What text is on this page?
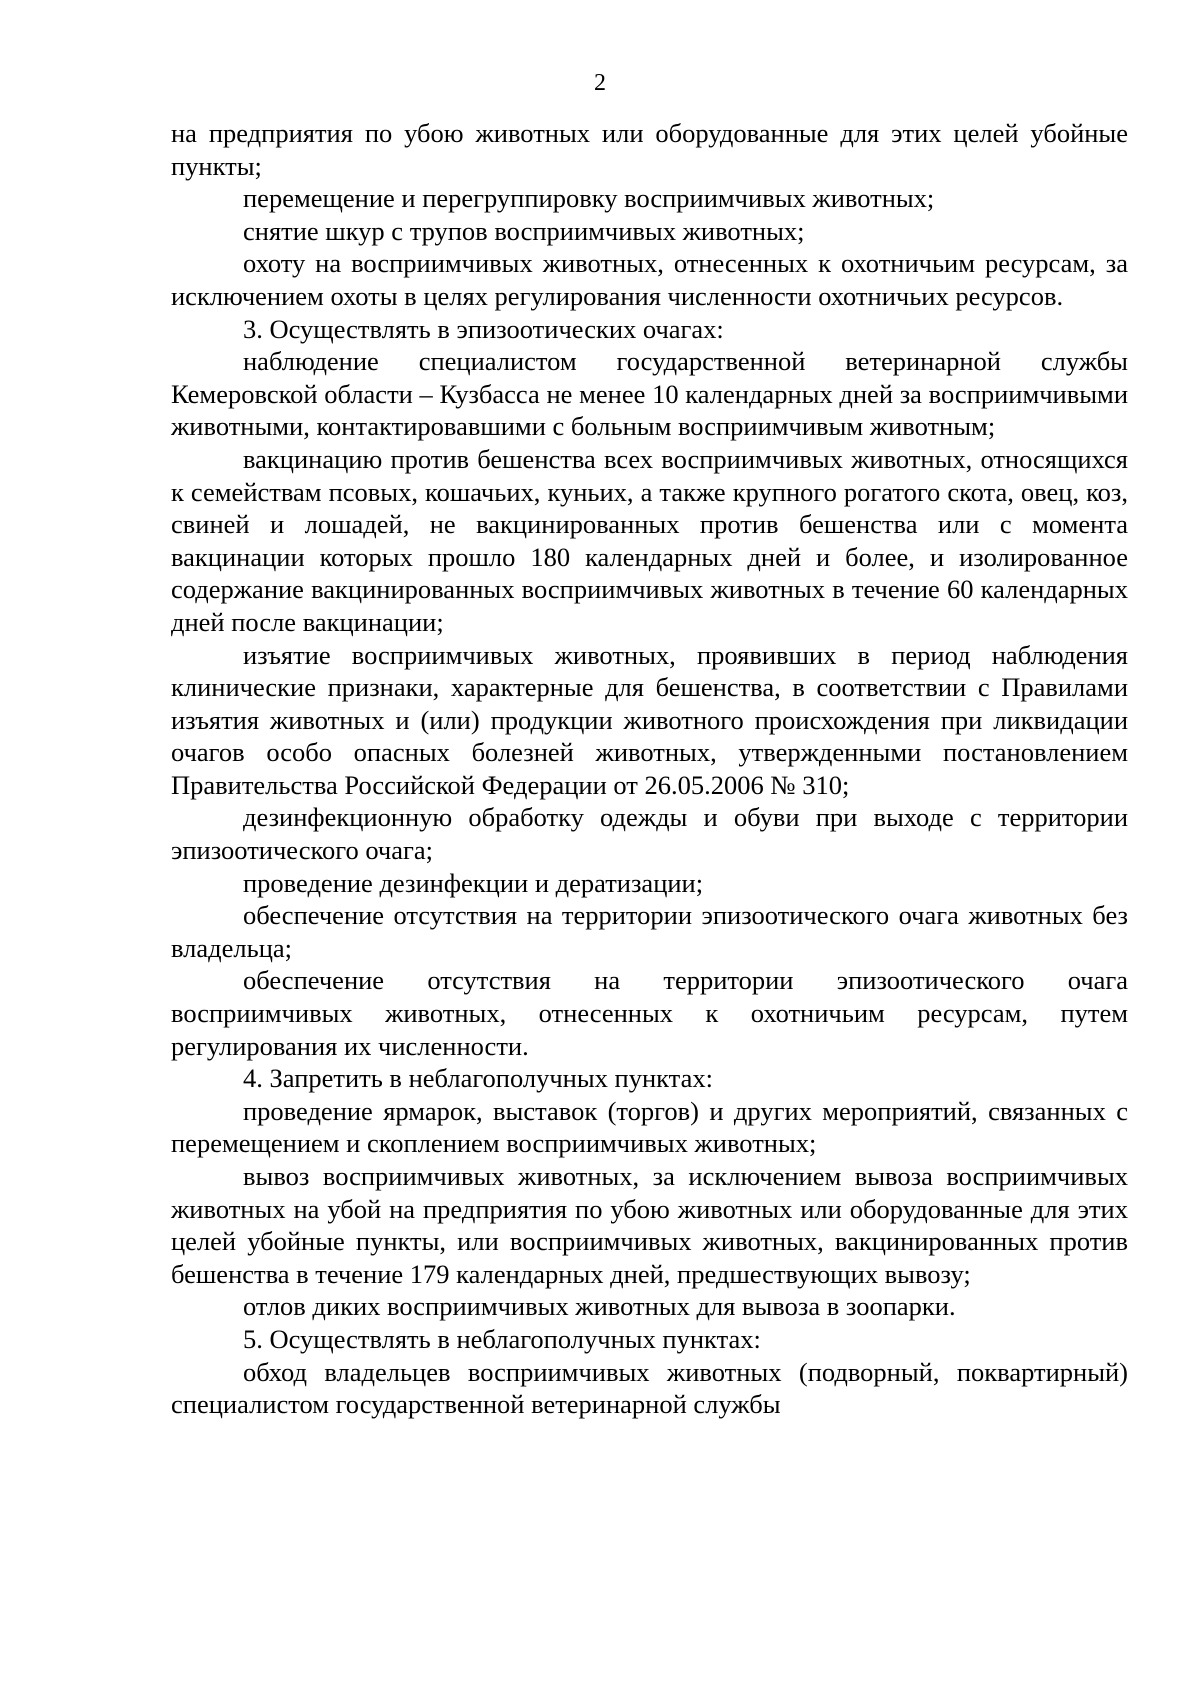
2

на предприятия по убою животных или оборудованные для этих целей убойные пункты;

перемещение и перегруппировку восприимчивых животных;

снятие шкур с трупов восприимчивых животных;

охоту на восприимчивых животных, отнесенных к охотничьим ресурсам, за исключением охоты в целях регулирования численности охотничьих ресурсов.

3. Осуществлять в эпизоотических очагах:

наблюдение специалистом государственной ветеринарной службы Кемеровской области – Кузбасса не менее 10 календарных дней за восприимчивыми животными, контактировавшими с больным восприимчивым животным;

вакцинацию против бешенства всех восприимчивых животных, относящихся к семействам псовых, кошачьих, куньих, а также крупного рогатого скота, овец, коз, свиней и лошадей, не вакцинированных против бешенства или с момента вакцинации которых прошло 180 календарных дней и более, и изолированное содержание вакцинированных восприимчивых животных в течение 60 календарных дней после вакцинации;

изъятие восприимчивых животных, проявивших в период наблюдения клинические признаки, характерные для бешенства, в соответствии с Правилами изъятия животных и (или) продукции животного происхождения при ликвидации очагов особо опасных болезней животных, утвержденными постановлением Правительства Российской Федерации от 26.05.2006 № 310;

дезинфекционную обработку одежды и обуви при выходе с территории эпизоотического очага;

проведение дезинфекции и дератизации;

обеспечение отсутствия на территории эпизоотического очага животных без владельца;

обеспечение отсутствия на территории эпизоотического очага восприимчивых животных, отнесенных к охотничьим ресурсам, путем регулирования их численности.

4. Запретить в неблагополучных пунктах:

проведение ярмарок, выставок (торгов) и других мероприятий, связанных с перемещением и скоплением восприимчивых животных;

вывоз восприимчивых животных, за исключением вывоза восприимчивых животных на убой на предприятия по убою животных или оборудованные для этих целей убойные пункты, или восприимчивых животных, вакцинированных против бешенства в течение 179 календарных дней, предшествующих вывозу;

отлов диких восприимчивых животных для вывоза в зоопарки.

5. Осуществлять в неблагополучных пунктах:

обход владельцев восприимчивых животных (подворный, поквартирный) специалистом государственной ветеринарной службы
